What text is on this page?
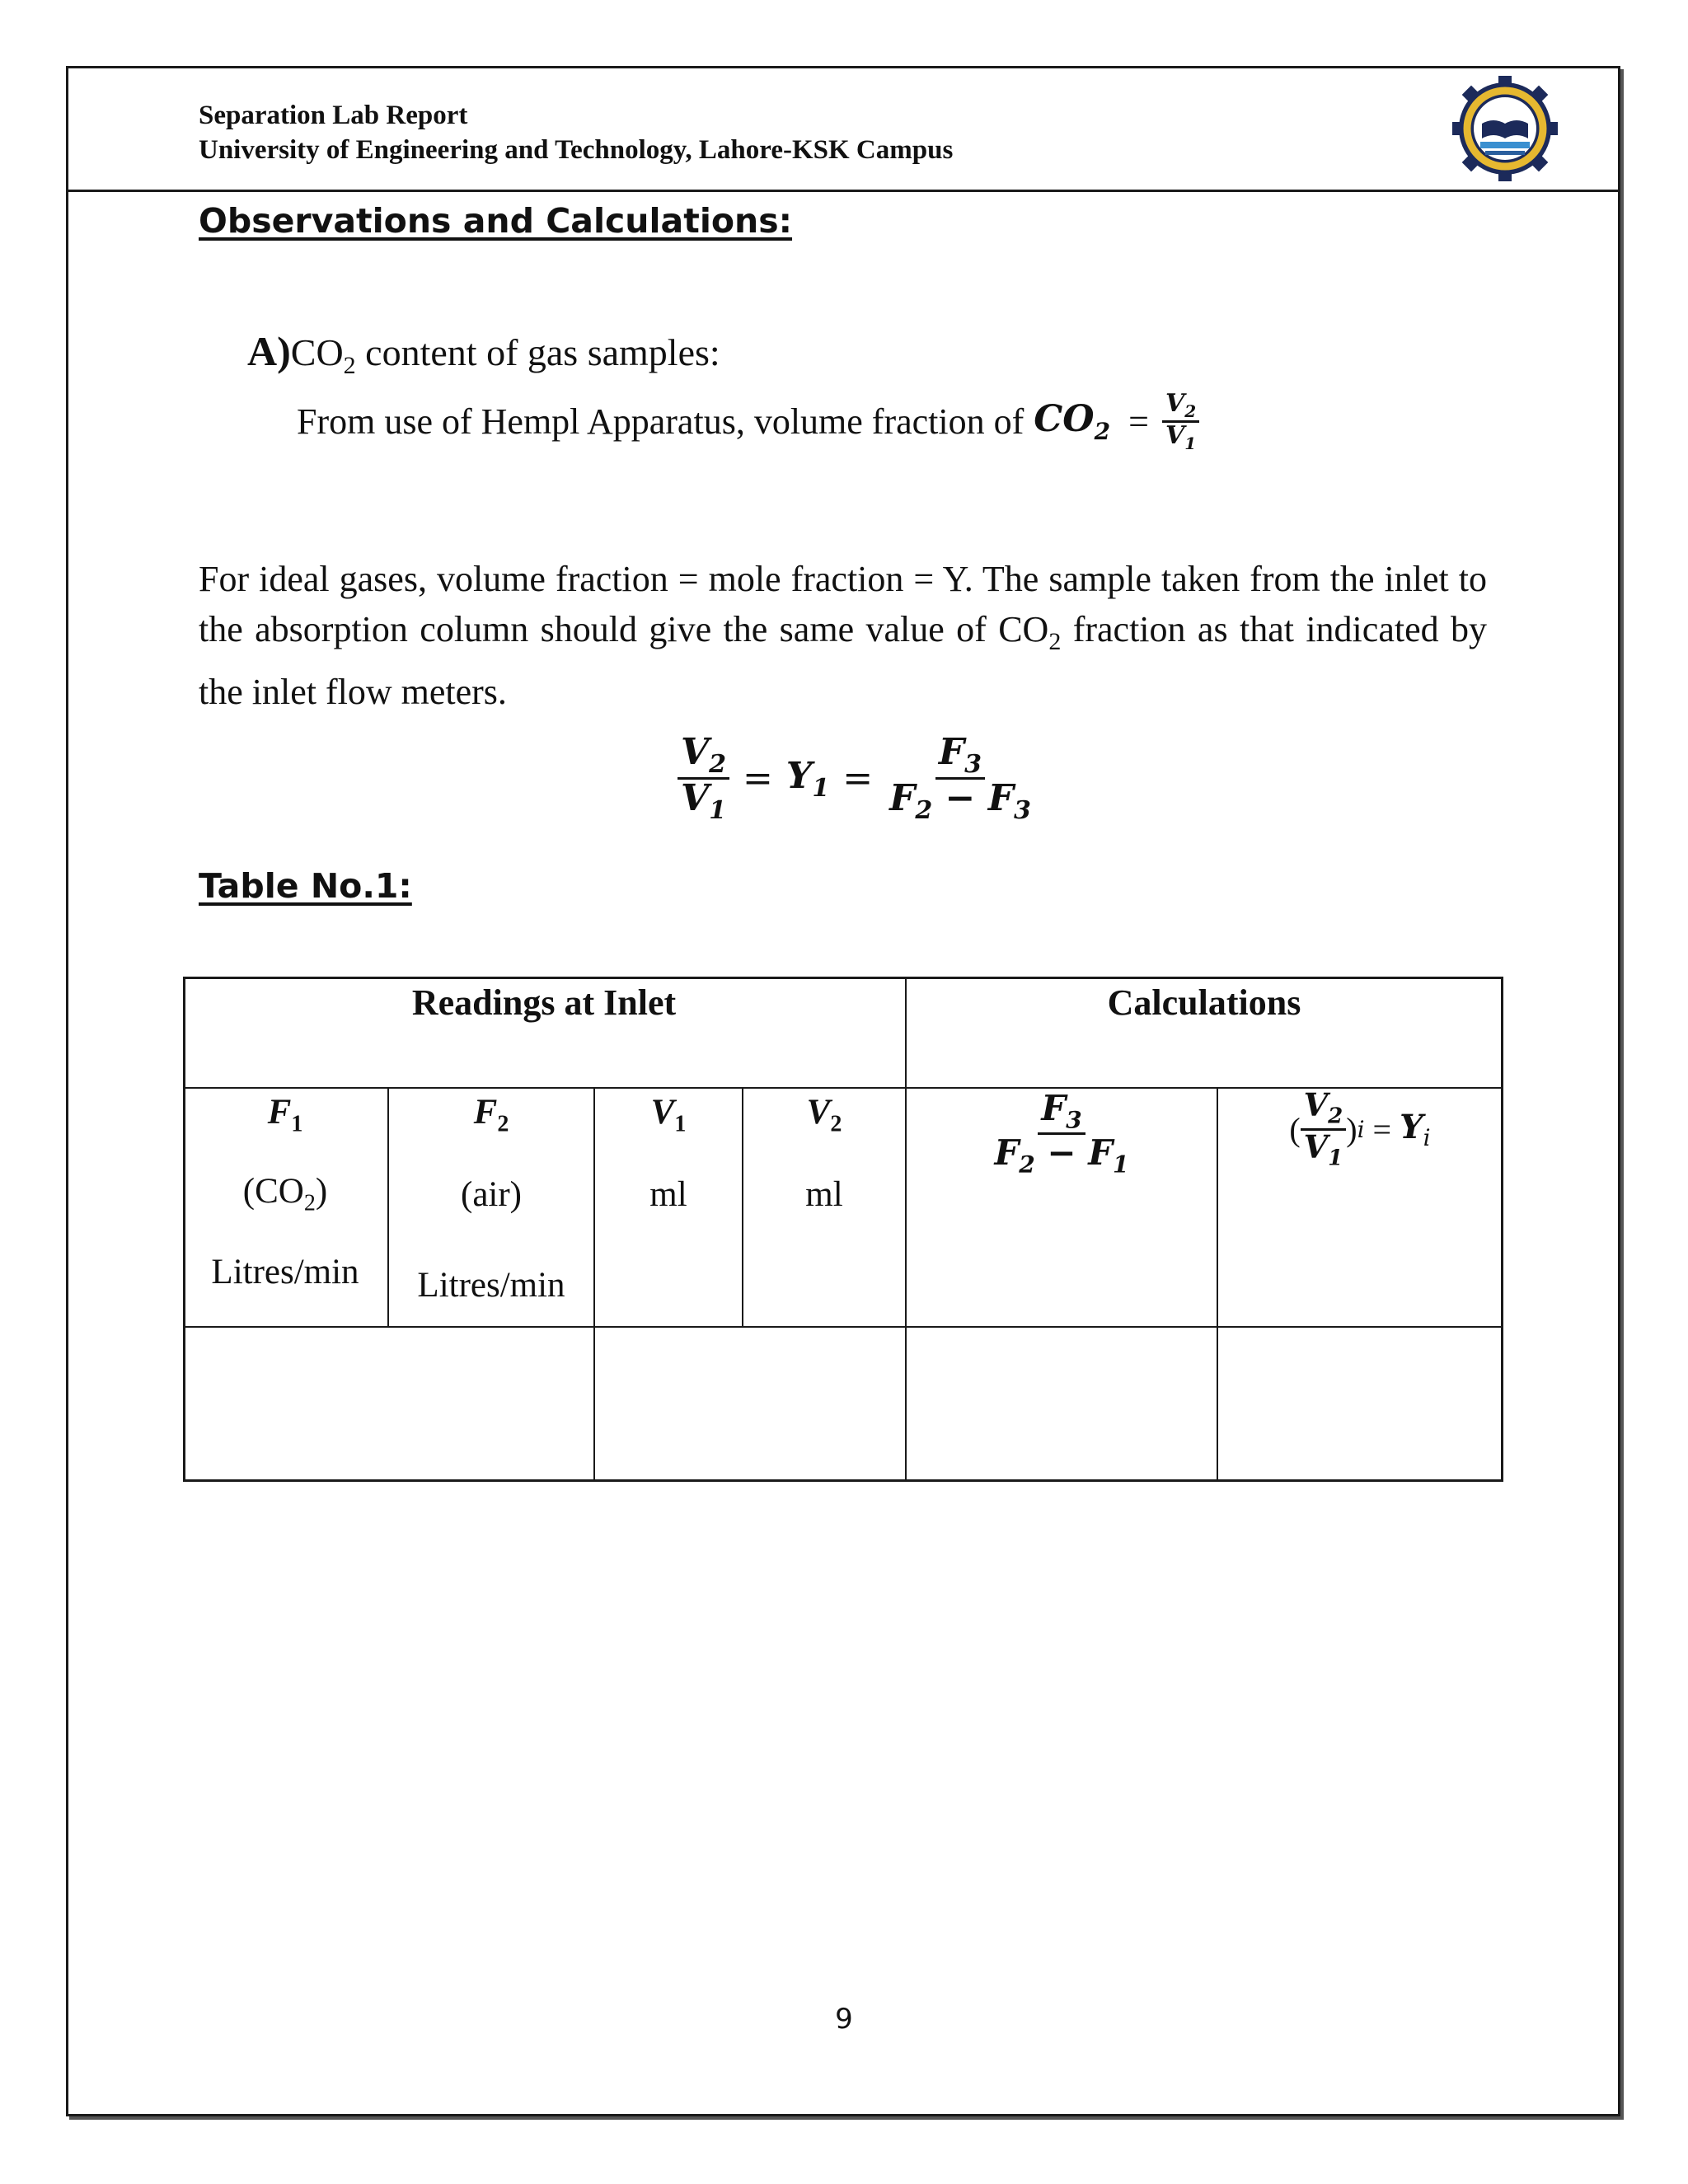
Separation Lab Report
University of Engineering and Technology, Lahore-KSK Campus
Observations and Calculations:
$A)CO_2$ content of gas samples:
From use of Hempl Apparatus, volume fraction of $CO_2 = \frac{V_2}{V_1}$
For ideal gases, volume fraction = mole fraction = Y. The sample taken from the inlet to the absorption column should give the same value of $CO_2$ fraction as that indicated by the inlet flow meters.
$\frac{V_2}{V_1} = Y_1 = \frac{F_3}{F_2 - F_3}$
Table No.1:
Readings at Inlet	Calculations
$F_1$
$(CO_2)$
Litres/min
$F_2$
(air)
Litres/min
$V_1$
ml
$V_2$
ml
$\frac{F_3}{F_2 - F_1}$	( $\frac{V_2}{V_1}$ ) $i = Y_i$
9
